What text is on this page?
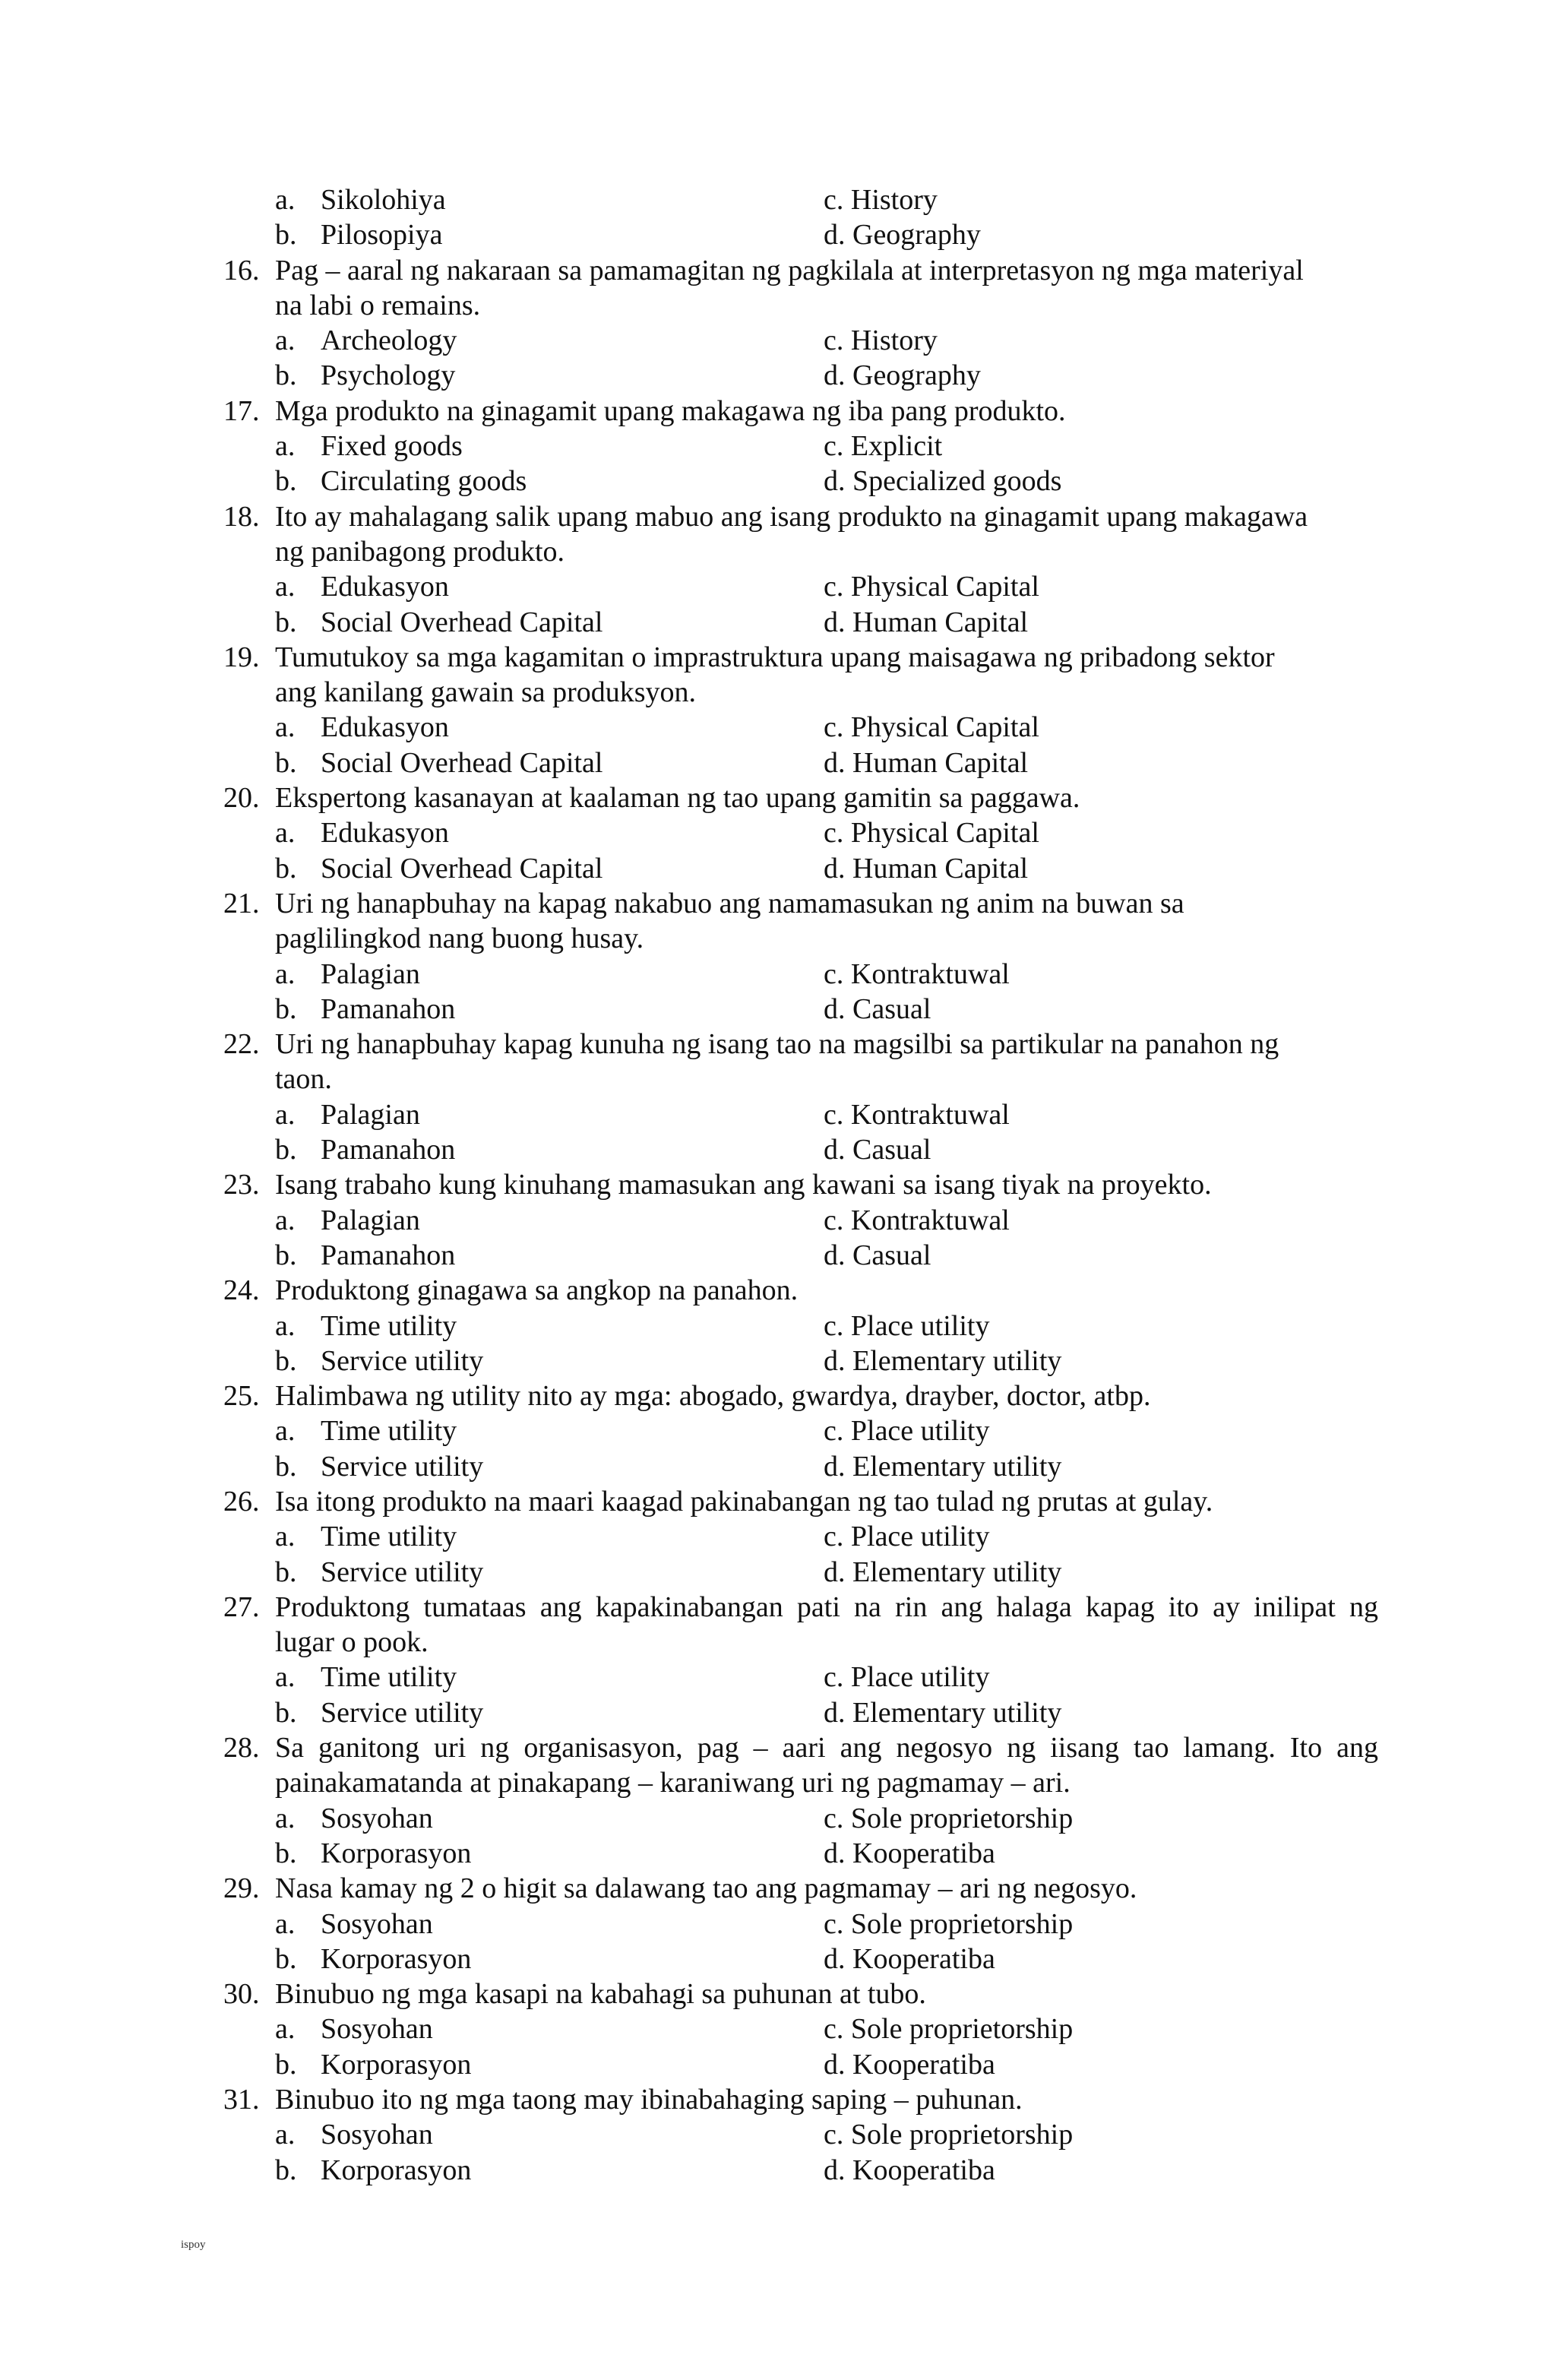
a. Sikolohiya	c. History
b. Pilosopiya	d. Geography
16. Pag – aaral ng nakaraan sa pamamagitan ng pagkilala at interpretasyon ng mga materiyal
na labi o remains.
a. Archeology	c. History
b. Psychology	d. Geography
17. Mga produkto na ginagamit upang makagawa ng iba pang produkto.
a. Fixed goods	c. Explicit
b. Circulating goods	d. Specialized goods
18. Ito ay mahalagang salik upang mabuo ang isang produkto na ginagamit upang makagawa
ng panibagong produkto.
a. Edukasyon	c. Physical Capital
b. Social Overhead Capital	d. Human Capital
19. Tumutukoy sa mga kagamitan o imprastruktura upang maisagawa ng pribadong sektor
ang kanilang gawain sa produksyon.
a. Edukasyon	c. Physical Capital
b. Social Overhead Capital	d. Human Capital
20. Ekspertong kasanayan at kaalaman ng tao upang gamitin sa paggawa.
a. Edukasyon	c. Physical Capital
b. Social Overhead Capital	d. Human Capital
21. Uri ng hanapbuhay na kapag nakabuo ang namamasukan ng anim na buwan sa
paglilingkod nang buong husay.
a. Palagian	c. Kontraktuwal
b. Pamanahon	d. Casual
22. Uri ng hanapbuhay kapag kunuha ng isang tao na magsilbi sa partikular na panahon ng
taon.
a. Palagian	c. Kontraktuwal
b. Pamanahon	d. Casual
23. Isang trabaho kung kinuhang mamasukan ang kawani sa isang tiyak na proyekto.
a. Palagian	c. Kontraktuwal
b. Pamanahon	d. Casual
24. Produktong ginagawa sa angkop na panahon.
a. Time utility	c. Place utility
b. Service utility	d. Elementary utility
25. Halimbawa ng utility nito ay mga: abogado, gwardya, drayber, doctor, atbp.
a. Time utility	c. Place utility
b. Service utility	d. Elementary utility
26. Isa itong produkto na maari kaagad pakinabangan ng tao tulad ng prutas at gulay.
a. Time utility	c. Place utility
b. Service utility	d. Elementary utility
27. Produktong tumataas ang kapakinabangan pati na rin ang halaga kapag ito ay inilipat ng
lugar o pook.
a. Time utility	c. Place utility
b. Service utility	d. Elementary utility
28. Sa ganitong uri ng organisasyon, pag – aari ang negosyo ng iisang tao lamang. Ito ang
painakamatanda at pinakapang – karaniwang uri ng pagmamay – ari.
a. Sosyohan	c. Sole proprietorship
b. Korporasyon	d. Kooperatiba
29. Nasa kamay ng 2 o higit sa dalawang tao ang pagmamay – ari ng negosyo.
a. Sosyohan	c. Sole proprietorship
b. Korporasyon	d. Kooperatiba
30. Binubuo ng mga kasapi na kabahagi sa puhunan at tubo.
a. Sosyohan	c. Sole proprietorship
b. Korporasyon	d. Kooperatiba
31. Binubuo ito ng mga taong may ibinabahaging saping – puhunan.
a. Sosyohan	c. Sole proprietorship
b. Korporasyon	d. Kooperatiba
ispoy
